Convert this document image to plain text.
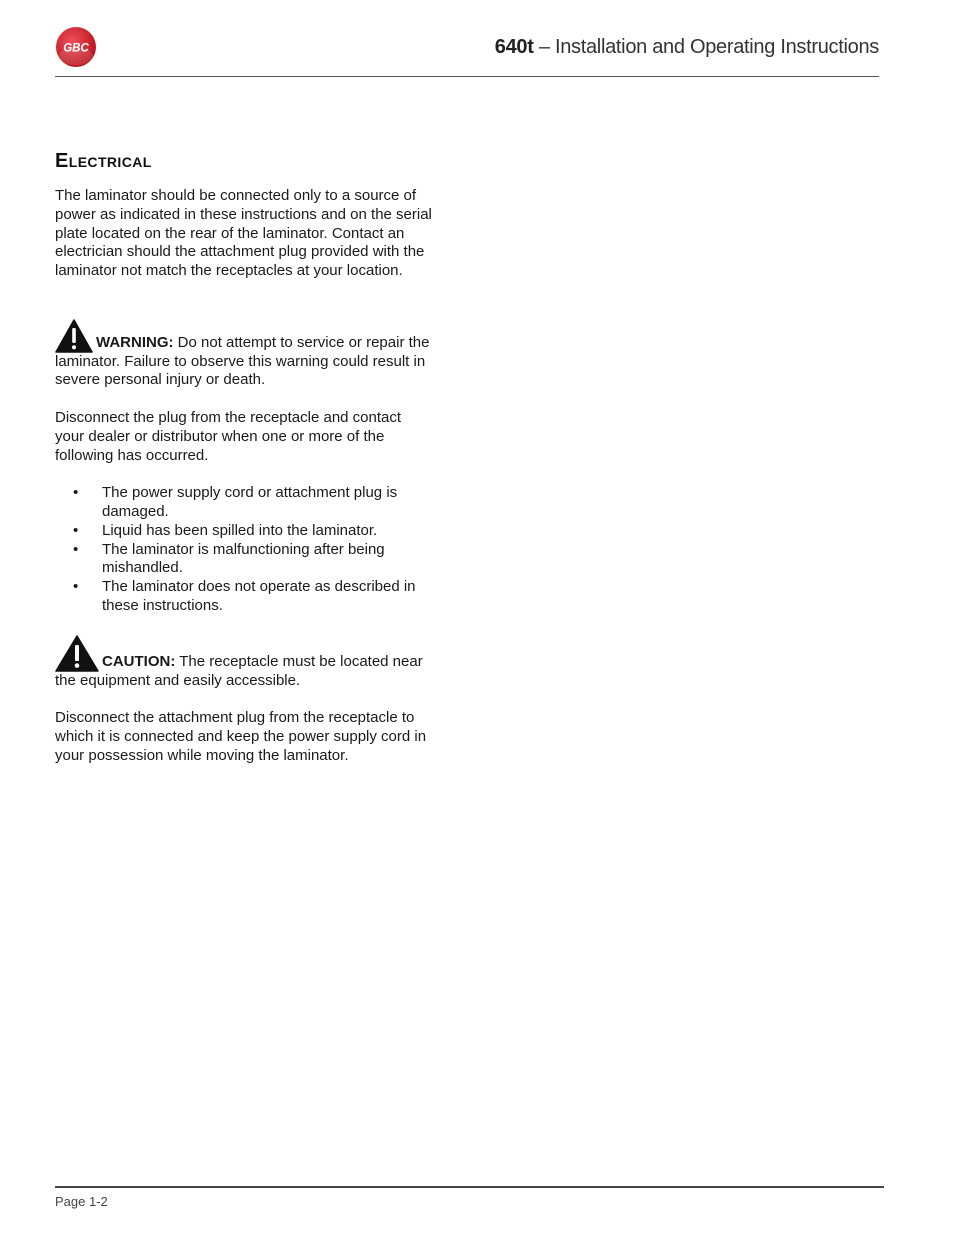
GBC	640t – Installation and Operating Instructions
Electrical

The laminator should be connected only to a source of power as indicated in these instructions and on the serial plate located on the rear of the laminator. Contact an electrician should the attachment plug provided with the laminator not match the receptacles at your location.

WARNING: Do not attempt to service or repair the laminator. Failure to observe this warning could result in severe personal injury or death.

Disconnect the plug from the receptacle and contact your dealer or distributor when one or more of the following has occurred.

• The power supply cord or attachment plug is damaged.
• Liquid has been spilled into the laminator.
• The laminator is malfunctioning after being mishandled.
• The laminator does not operate as described in these instructions.

CAUTION: The receptacle must be located near the equipment and easily accessible.

Disconnect the attachment plug from the receptacle to which it is connected and keep the power supply cord in your possession while moving the laminator.

Page 1-2
